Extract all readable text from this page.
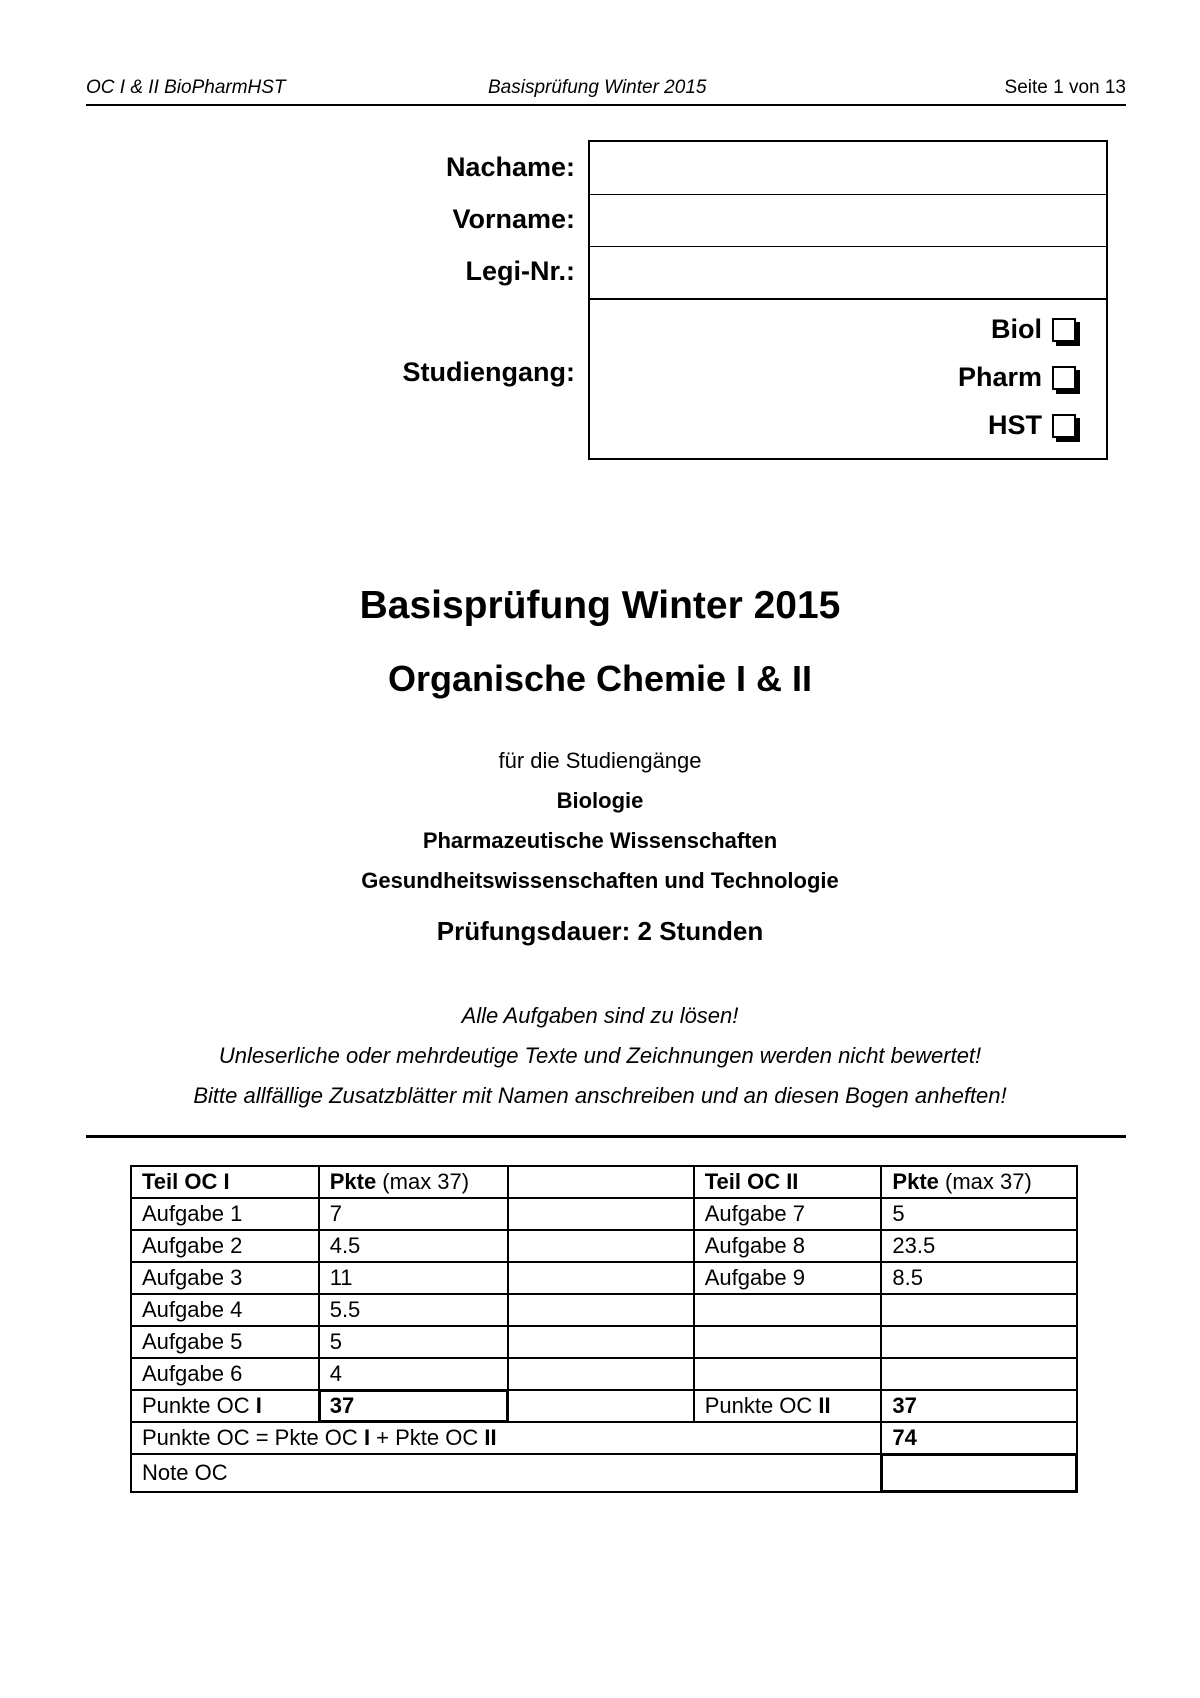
OC I & II BioPharmHST	Basisprüfung Winter 2015	Seite 1 von 13
Nachame:
Vorname:
Legi-Nr.:
Studiengang:
Biol
Pharm
HST
Basisprüfung Winter 2015
Organische Chemie I & II
für die Studiengänge
Biologie
Pharmazeutische Wissenschaften
Gesundheitswissenschaften und Technologie
Prüfungsdauer: 2 Stunden
Alle Aufgaben sind zu lösen!
Unleserliche oder mehrdeutige Texte und Zeichnungen werden nicht bewertet!
Bitte allfällige Zusatzblätter mit Namen anschreiben und an diesen Bogen anheften!
Teil OC I	Pkte (max 37)		Teil OC II	Pkte (max 37)
Aufgabe 1	7		Aufgabe 7	5
Aufgabe 2	4.5		Aufgabe 8	23.5
Aufgabe 3	11		Aufgabe 9	8.5
Aufgabe 4	5.5			
Aufgabe 5	5			
Aufgabe 6	4			
Punkte OC I	37		Punkte OC II	37
Punkte OC = Pkte OC I + Pkte OC II				74
Note OC				
